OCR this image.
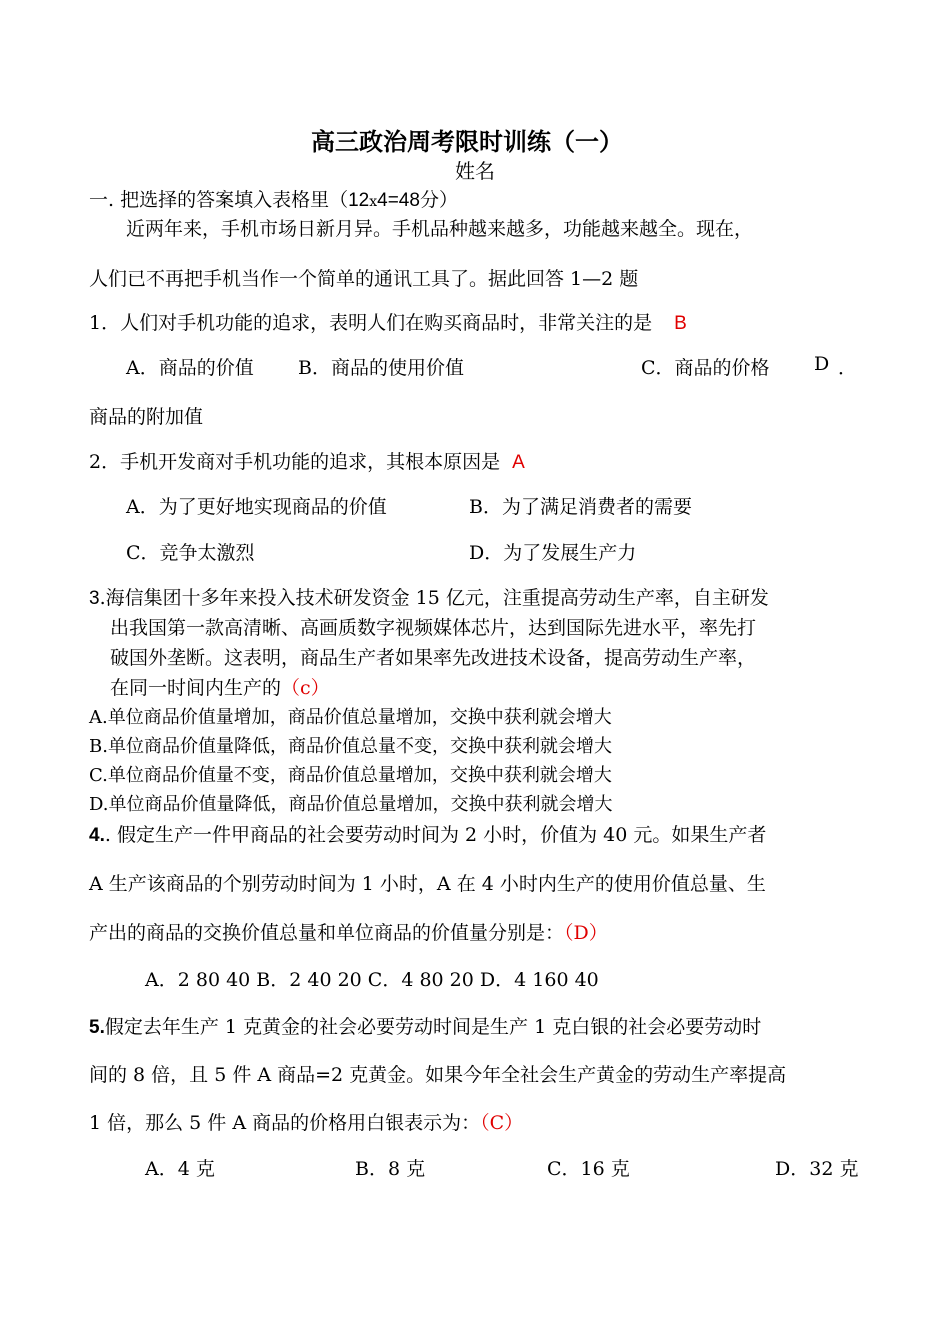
高三政治周考限时训练（一）
姓名
一. 把选择的答案填入表格里（12x4=48分）
近两年来，手机市场日新月异。手机品种越来越多，功能越来越全。现在，
人们已不再把手机当作一个简单的通讯工具了。据此回答 1—2 题
1．人们对手机功能的追求，表明人们在购买商品时，非常关注的是 B
A．商品的价值 B．商品的使用价值	C．商品的价格 D ．
商品的附加值
2．手机开发商对手机功能的追求，其根本原因是 A
A．为了更好地实现商品的价值	B．为了满足消费者的需要
C．竞争太激烈	D．为了发展生产力
3.海信集团十多年来投入技术研发资金 15 亿元，注重提高劳动生产率，自主研发
出我国第一款高清晰、高画质数字视频媒体芯片，达到国际先进水平，率先打
破国外垄断。这表明，商品生产者如果率先改进技术设备，提高劳动生产率，
在同一时间内生产的（c）
A.单位商品价值量增加，商品价值总量增加，交换中获利就会增大
B.单位商品价值量降低，商品价值总量不变，交换中获利就会增大
C.单位商品价值量不变，商品价值总量增加，交换中获利就会增大
D.单位商品价值量降低，商品价值总量增加，交换中获利就会增大
4.. 假定生产一件甲商品的社会要劳动时间为 2 小时，价值为 40 元。如果生产者
A 生产该商品的个别劳动时间为 1 小时，A 在 4 小时内生产的使用价值总量、生
产出的商品的交换价值总量和单位商品的价值量分别是：（D）
A．2 80 40 B．2 40 20 C．4 80 20 D．4 160 40
5.假定去年生产 1 克黄金的社会必要劳动时间是生产 1 克白银的社会必要劳动时
间的 8 倍，且 5 件 A 商品=2 克黄金。如果今年全社会生产黄金的劳动生产率提高
1 倍，那么 5 件 A 商品的价格用白银表示为：（C）
A．4 克	B．8 克	C．16 克	D．32 克
